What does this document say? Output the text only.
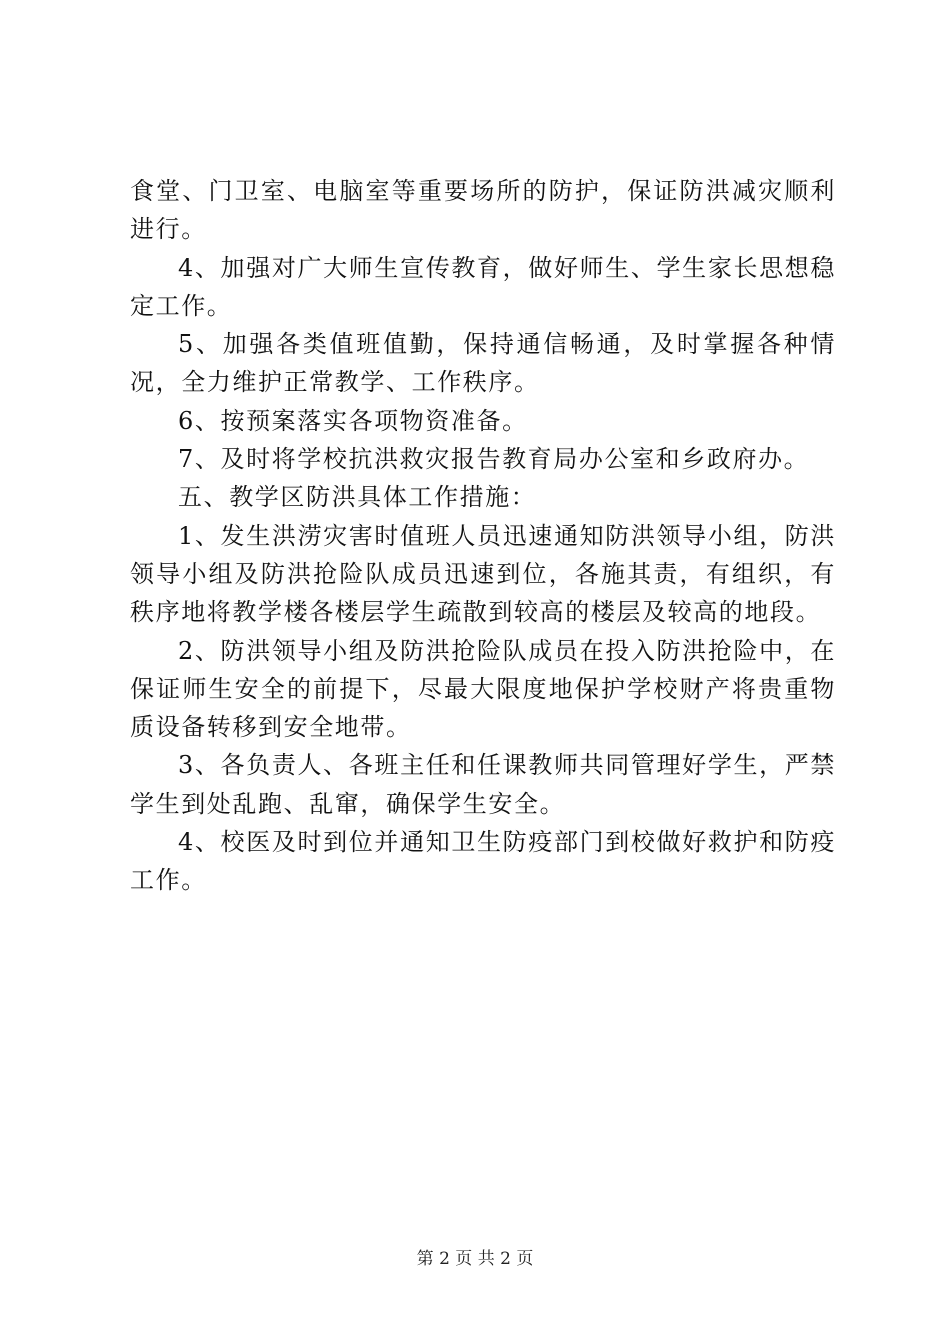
食堂、门卫室、电脑室等重要场所的防护，保证防洪减灾顺利进行。

4、加强对广大师生宣传教育，做好师生、学生家长思想稳定工作。

5、加强各类值班值勤，保持通信畅通，及时掌握各种情况，全力维护正常教学、工作秩序。

6、按预案落实各项物资准备。

7、及时将学校抗洪救灾报告教育局办公室和乡政府办。

五、教学区防洪具体工作措施：

1、发生洪涝灾害时值班人员迅速通知防洪领导小组，防洪领导小组及防洪抢险队成员迅速到位，各施其责，有组织，有秩序地将教学楼各楼层学生疏散到较高的楼层及较高的地段。

2、防洪领导小组及防洪抢险队成员在投入防洪抢险中，在保证师生安全的前提下，尽最大限度地保护学校财产将贵重物质设备转移到安全地带。

3、各负责人、各班主任和任课教师共同管理好学生，严禁学生到处乱跑、乱窜，确保学生安全。

4、校医及时到位并通知卫生防疫部门到校做好救护和防疫工作。

第 2 页 共 2 页
